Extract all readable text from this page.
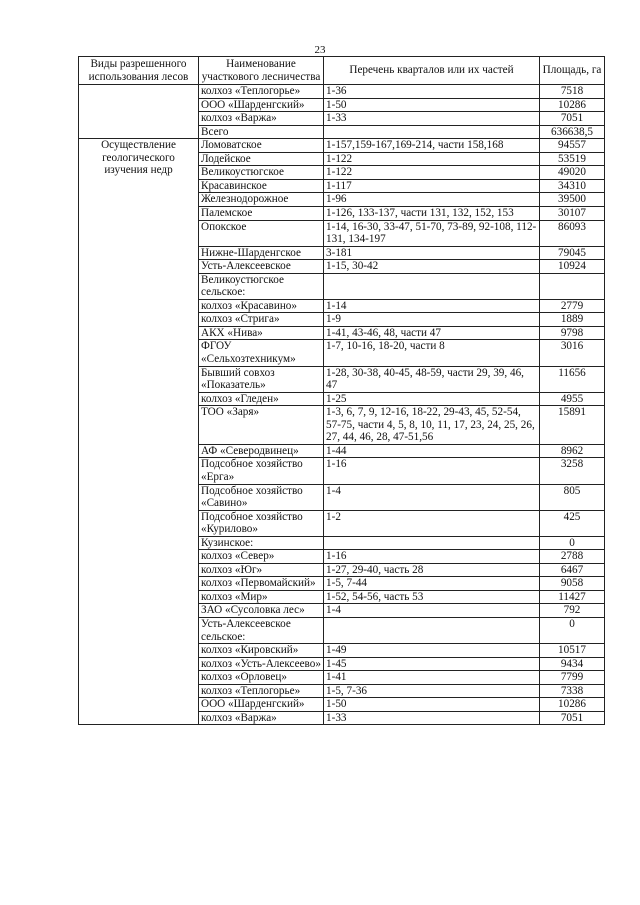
23
Виды разрешенного использования лесов	Наименование участкового лесничества	Перечень кварталов или их частей	Площадь, га
	колхоз «Теплогорье»	1-36	7518
	ООО «Шарденгский»	1-50	10286
	колхоз «Варжа»	1-33	7051
	Всего		636638,5
Осуществление геологического изучения недр	Ломоватское	1-157,159-167,169-214, части 158,168	94557
	Лодейское	1-122	53519
	Великоустюгское	1-122	49020
	Красавинское	1-117	34310
	Железнодорожное	1-96	39500
	Палемское	1-126, 133-137, части 131, 132, 152, 153	30107
	Опокское	1-14, 16-30, 33-47, 51-70, 73-89, 92-108, 112-131, 134-197	86093
	Нижне-Шарденгское	3-181	79045
	Усть-Алексеевское	1-15, 30-42	10924
	Великоустюгское сельское:		
	колхоз «Красавино»	1-14	2779
	колхоз «Стрига»	1-9	1889
	АКХ «Нива»	1-41, 43-46, 48, части 47	9798
	ФГОУ «Сельхозтехникум»	1-7, 10-16, 18-20, части 8	3016
	Бывший совхоз «Показатель»	1-28, 30-38, 40-45, 48-59, части 29, 39, 46, 47	11656
	колхоз «Гледен»	1-25	4955
	ТОО «Заря»	1-3, 6, 7, 9, 12-16, 18-22, 29-43, 45, 52-54, 57-75, части 4, 5, 8, 10, 11, 17, 23, 24, 25, 26, 27, 44, 46, 28, 47-51,56	15891
	АФ «Северодвинец»	1-44	8962
	Подсобное хозяйство «Ерга»	1-16	3258
	Подсобное хозяйство «Савино»	1-4	805
	Подсобное хозяйство «Курилово»	1-2	425
	Кузинское:		0
	колхоз «Север»	1-16	2788
	колхоз «Юг»	1-27, 29-40, часть 28	6467
	колхоз «Первомайский»	1-5, 7-44	9058
	колхоз «Мир»	1-52, 54-56, часть 53	11427
	ЗАО «Сусоловка лес»	1-4	792
	Усть-Алексеевское сельское:		0
	колхоз «Кировский»	1-49	10517
	колхоз «Усть-Алексеево»	1-45	9434
	колхоз «Орловец»	1-41	7799
	колхоз «Теплогорье»	1-5, 7-36	7338
	ООО «Шарденгский»	1-50	10286
	колхоз «Варжа»	1-33	7051
